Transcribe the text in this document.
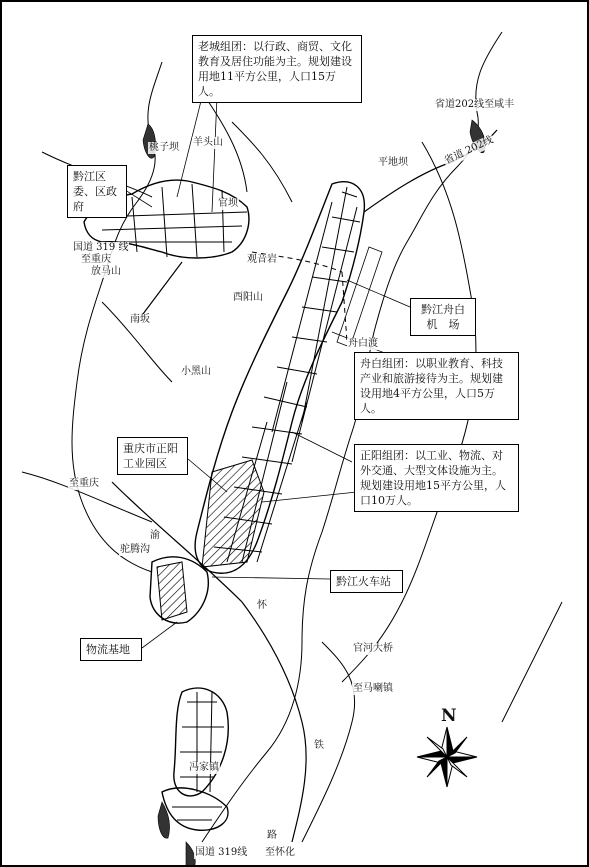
桃子坝 羊头山
官坝
观音岩
平地坝
国道 319 线
至重庆
放马山
酉阳山
南坂
舟白渡
小黑山
至重庆
渝
驼腾沟
怀
官河大桥
至马喇镇
铁
冯家镇
路
国道 319线 至怀化
省道202线至咸丰
省道 202线
老城组团：以行政、商贸、文化教育及居住功能为主。规划建设用地11平方公里，人口15万人。
黔江区委、区政府
黔江舟白机　场
舟白组团：以职业教育、科技产业和旅游接待为主。规划建设用地4平方公里，人口5万人。
重庆市正阳工业园区
正阳组团：以工业、物流、对外交通、大型文体设施为主。规划建设用地15平方公里，人口10万人。
黔江火车站
物流基地
N
